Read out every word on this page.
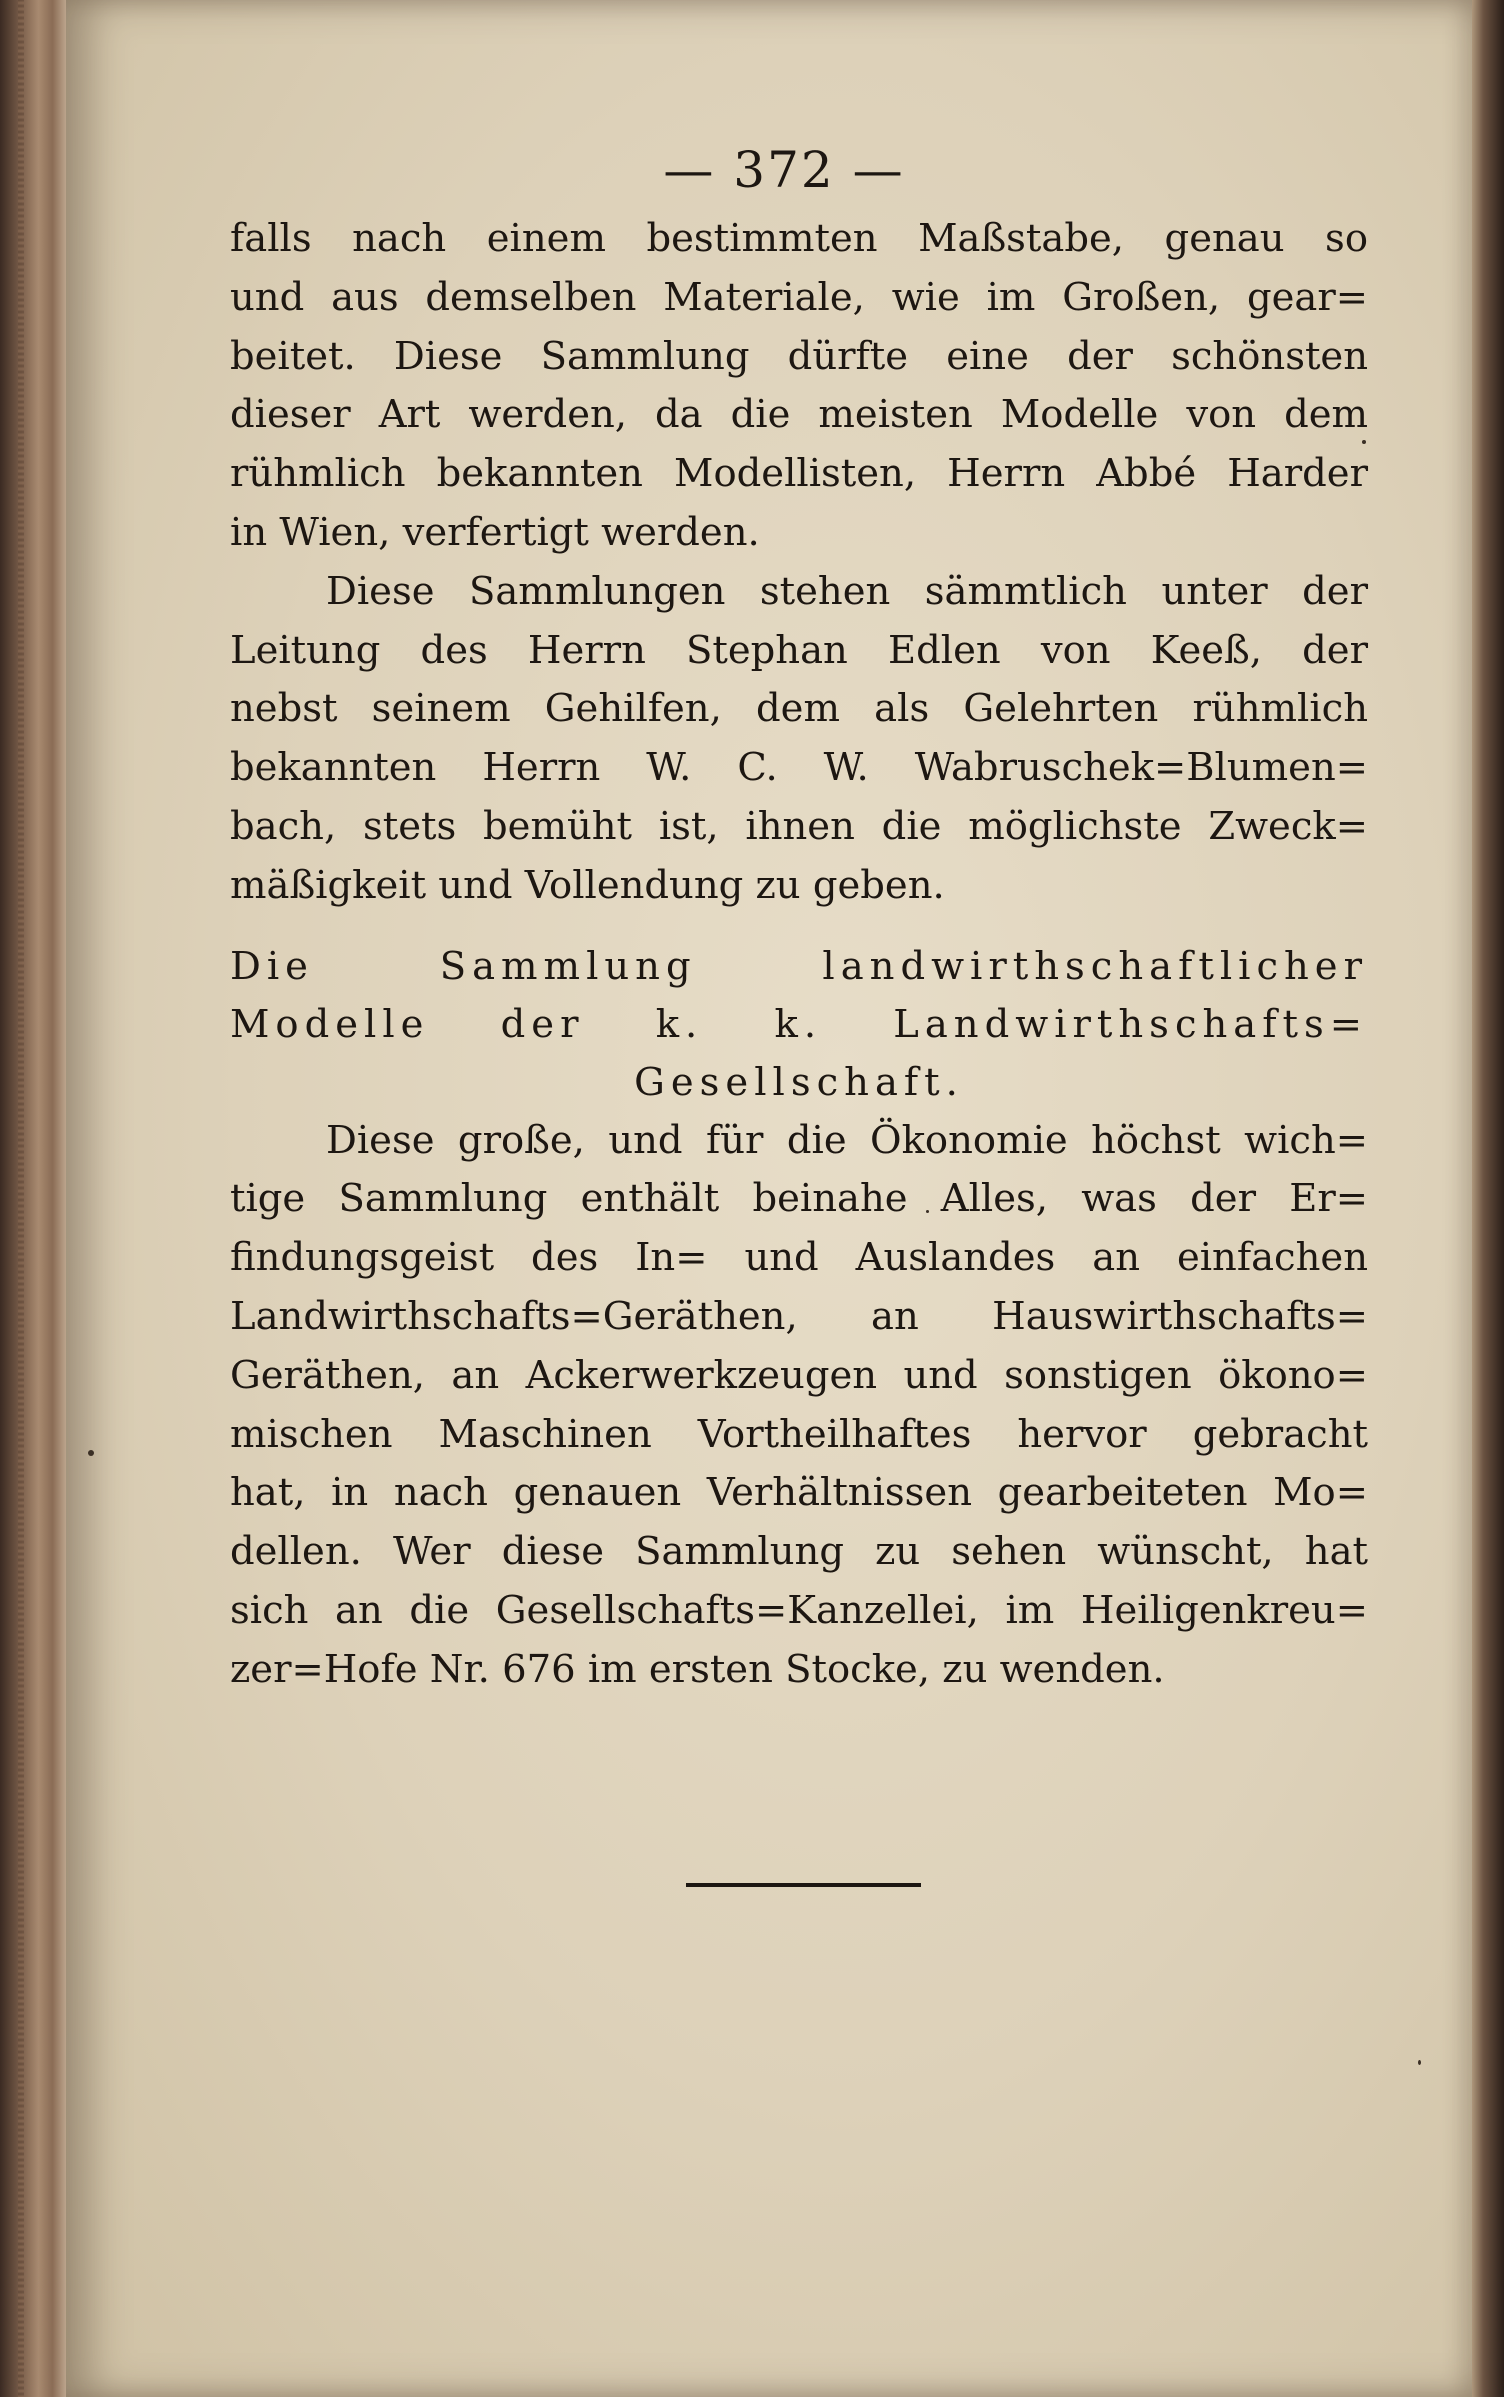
— 372 —
falls nach einem bestimmten Maßstabe, genau so
und aus demselben Materiale, wie im Großen, gear=
beitet. Diese Sammlung dürfte eine der schönsten
dieser Art werden, da die meisten Modelle von dem
rühmlich bekannten Modellisten, Herrn Abbé Harder
in Wien, verfertigt werden.
Diese Sammlungen stehen sämmtlich unter der
Leitung des Herrn Stephan Edlen von Keeß, der
nebst seinem Gehilfen, dem als Gelehrten rühmlich
bekannten Herrn W. C. W. Wabruschek=Blumen=
bach, stets bemüht ist, ihnen die möglichste Zweck=
mäßigkeit und Vollendung zu geben.
Die Sammlung landwirthschaftlicher
Modelle der k. k. Landwirthschafts=
Gesellschaft.
Diese große, und für die Ökonomie höchst wich=
tige Sammlung enthält beinahe Alles, was der Er=
findungsgeist des In= und Auslandes an einfachen
Landwirthschafts=Geräthen, an Hauswirthschafts=
Geräthen, an Ackerwerkzeugen und sonstigen ökono=
mischen Maschinen Vortheilhaftes hervor gebracht
hat, in nach genauen Verhältnissen gearbeiteten Mo=
dellen. Wer diese Sammlung zu sehen wünscht, hat
sich an die Gesellschafts=Kanzellei, im Heiligenkreu=
zer=Hofe Nr. 676 im ersten Stocke, zu wenden.
